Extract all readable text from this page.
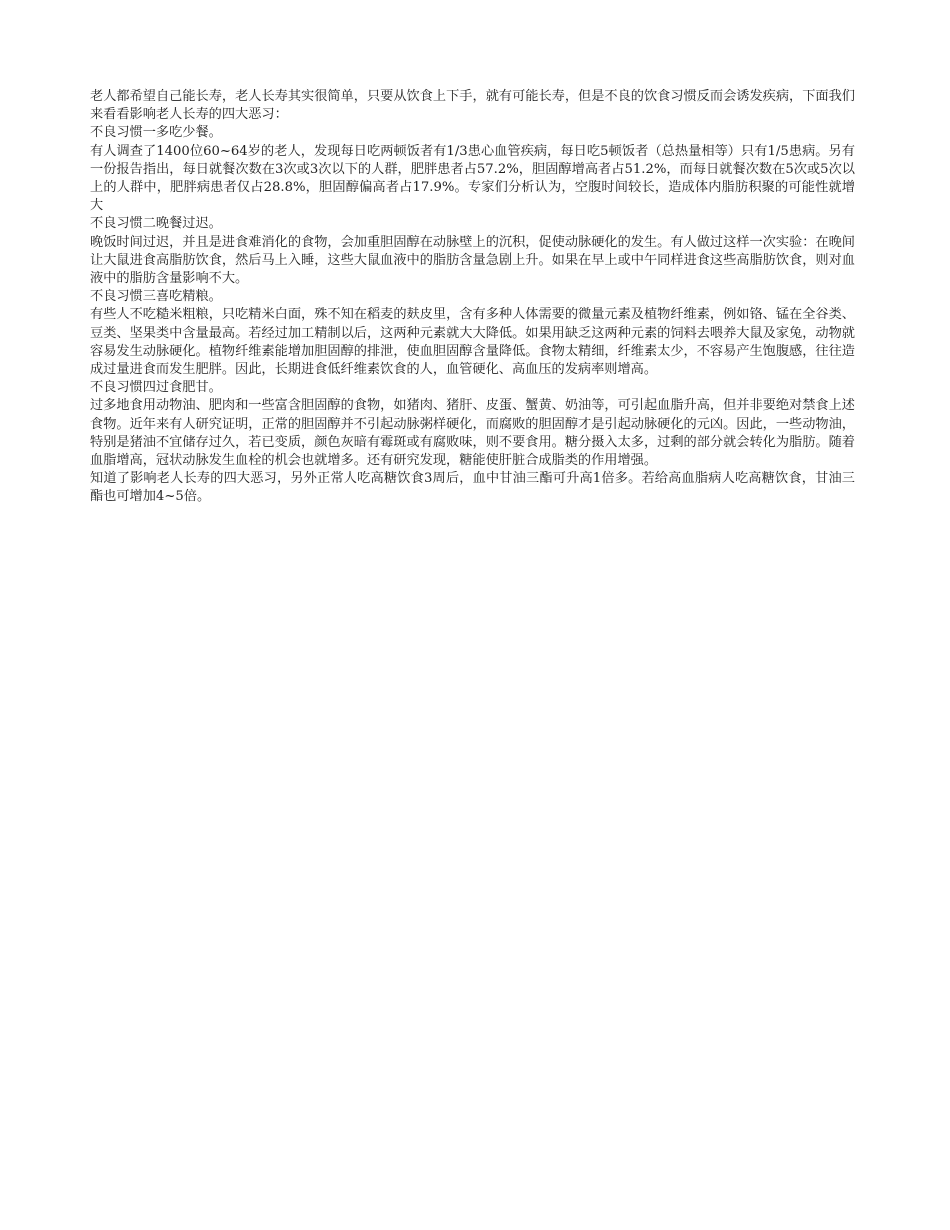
老人都希望自己能长寿，老人长寿其实很简单，只要从饮食上下手，就有可能长寿，但是不良的饮食习惯反而会诱发疾病，下面我们来看看影响老人长寿的四大恶习：

不良习惯一多吃少餐。

有人调查了1400位60~64岁的老人，发现每日吃两顿饭者有1/3患心血管疾病，每日吃5顿饭者（总热量相等）只有1/5患病。另有一份报告指出，每日就餐次数在3次或3次以下的人群，肥胖患者占57.2%，胆固醇增高者占51.2%，而每日就餐次数在5次或5次以上的人群中，肥胖病患者仅占28.8%，胆固醇偏高者占17.9%。专家们分析认为，空腹时间较长，造成体内脂肪积聚的可能性就增大

不良习惯二晚餐过迟。

晚饭时间过迟，并且是进食难消化的食物，会加重胆固醇在动脉壁上的沉积，促使动脉硬化的发生。有人做过这样一次实验：在晚间让大鼠进食高脂肪饮食，然后马上入睡，这些大鼠血液中的脂肪含量急剧上升。如果在早上或中午同样进食这些高脂肪饮食，则对血液中的脂肪含量影响不大。

不良习惯三喜吃精粮。

有些人不吃糙米粗粮，只吃精米白面，殊不知在稻麦的麸皮里，含有多种人体需要的微量元素及植物纤维素，例如铬、锰在全谷类、豆类、坚果类中含量最高。若经过加工精制以后，这两种元素就大大降低。如果用缺乏这两种元素的饲料去喂养大鼠及家兔，动物就容易发生动脉硬化。植物纤维素能增加胆固醇的排泄，使血胆固醇含量降低。食物太精细，纤维素太少，不容易产生饱腹感，往往造成过量进食而发生肥胖。因此，长期进食低纤维素饮食的人，血管硬化、高血压的发病率则增高。

不良习惯四过食肥甘。

过多地食用动物油、肥肉和一些富含胆固醇的食物，如猪肉、猪肝、皮蛋、蟹黄、奶油等，可引起血脂升高，但并非要绝对禁食上述食物。近年来有人研究证明，正常的胆固醇并不引起动脉粥样硬化，而腐败的胆固醇才是引起动脉硬化的元凶。因此，一些动物油，特别是猪油不宜储存过久，若已变质，颜色灰暗有霉斑或有腐败味，则不要食用。糖分摄入太多，过剩的部分就会转化为脂肪。随着血脂增高，冠状动脉发生血栓的机会也就增多。还有研究发现，糖能使肝脏合成脂类的作用增强。

知道了影响老人长寿的四大恶习，另外正常人吃高糖饮食3周后，血中甘油三酯可升高1倍多。若给高血脂病人吃高糖饮食，甘油三酯也可增加4~5倍。
